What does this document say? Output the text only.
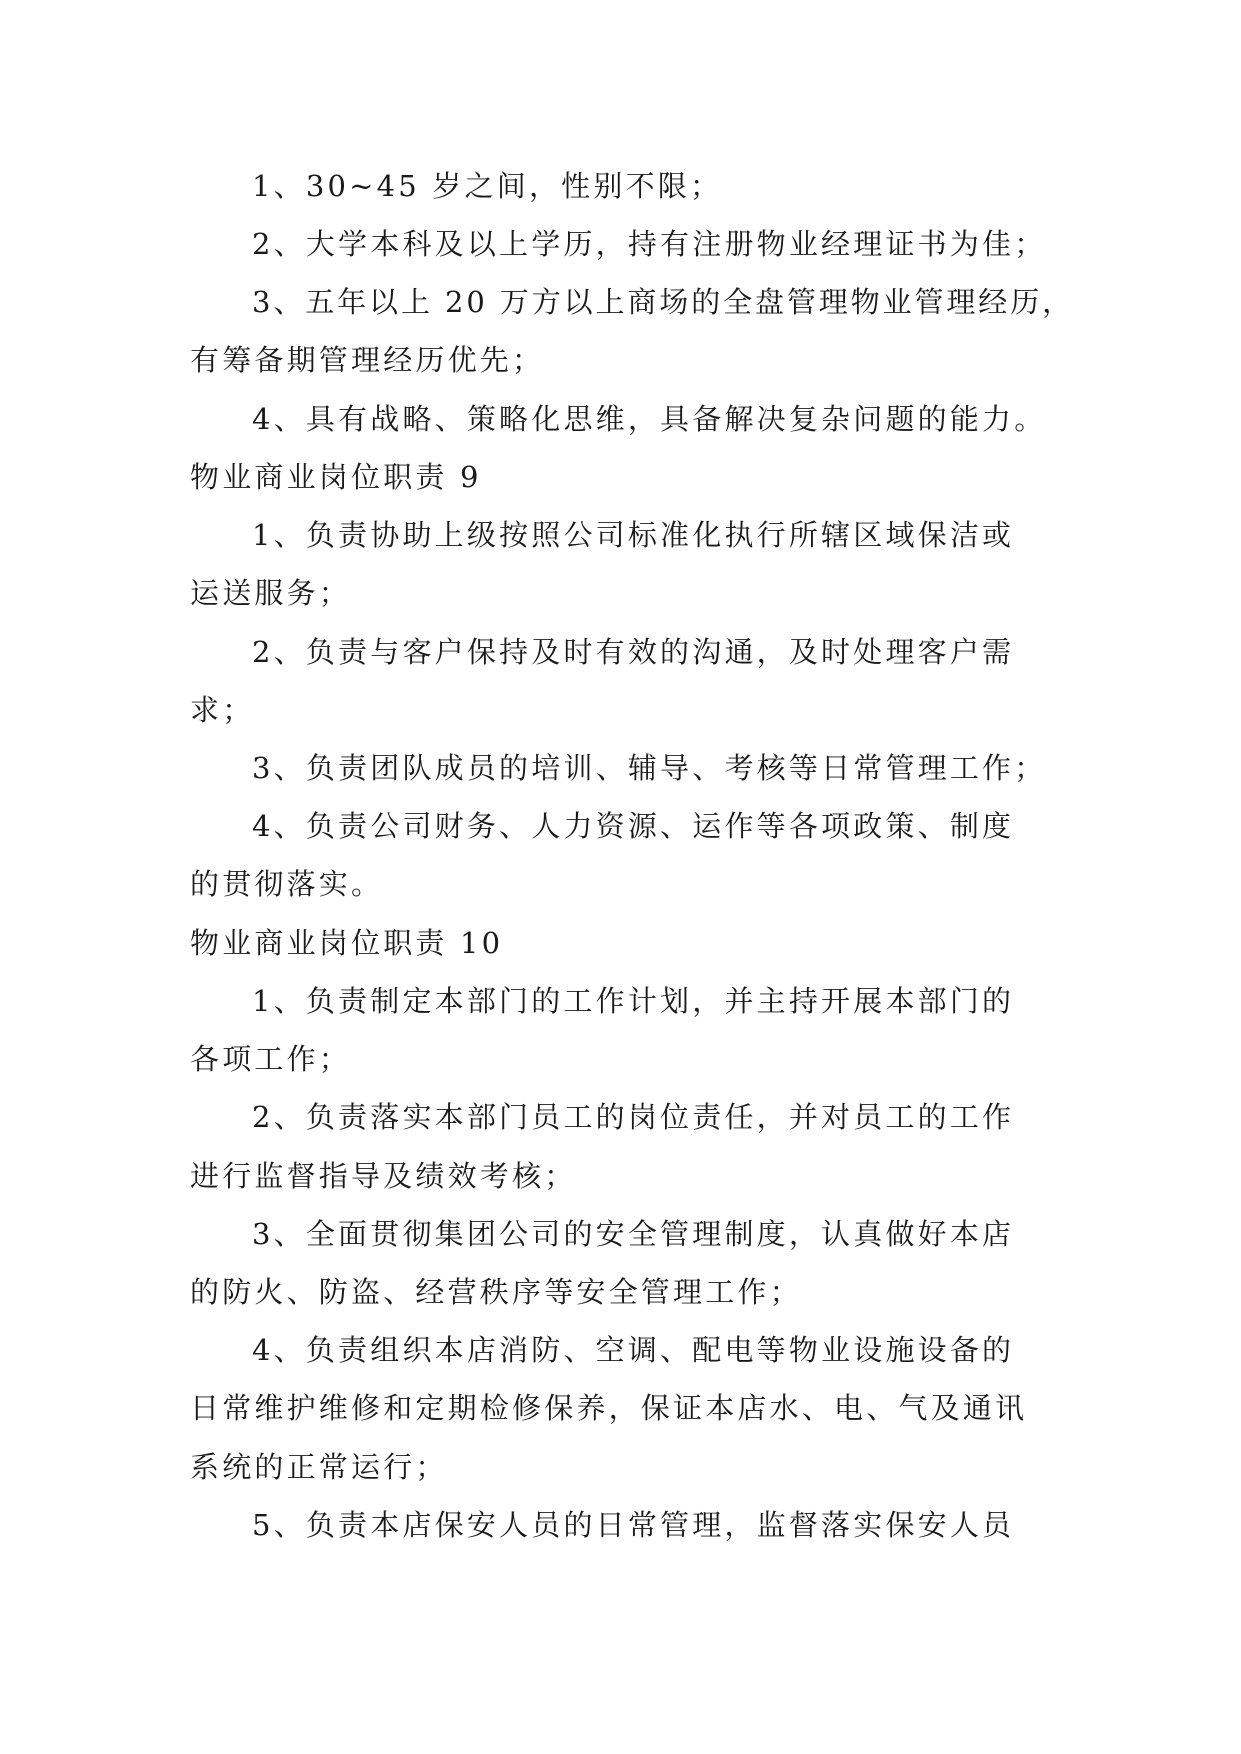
1、30~45 岁之间，性别不限；
2、大学本科及以上学历，持有注册物业经理证书为佳；
3、五年以上 20 万方以上商场的全盘管理物业管理经历，
有筹备期管理经历优先；
4、具有战略、策略化思维，具备解决复杂问题的能力。
物业商业岗位职责 9
1、负责协助上级按照公司标准化执行所辖区域保洁或
运送服务；
2、负责与客户保持及时有效的沟通，及时处理客户需
求；
3、负责团队成员的培训、辅导、考核等日常管理工作；
4、负责公司财务、人力资源、运作等各项政策、制度
的贯彻落实。
物业商业岗位职责 10
1、负责制定本部门的工作计划，并主持开展本部门的
各项工作；
2、负责落实本部门员工的岗位责任，并对员工的工作
进行监督指导及绩效考核；
3、全面贯彻集团公司的安全管理制度，认真做好本店
的防火、防盗、经营秩序等安全管理工作；
4、负责组织本店消防、空调、配电等物业设施设备的
日常维护维修和定期检修保养，保证本店水、电、气及通讯
系统的正常运行；
5、负责本店保安人员的日常管理，监督落实保安人员
